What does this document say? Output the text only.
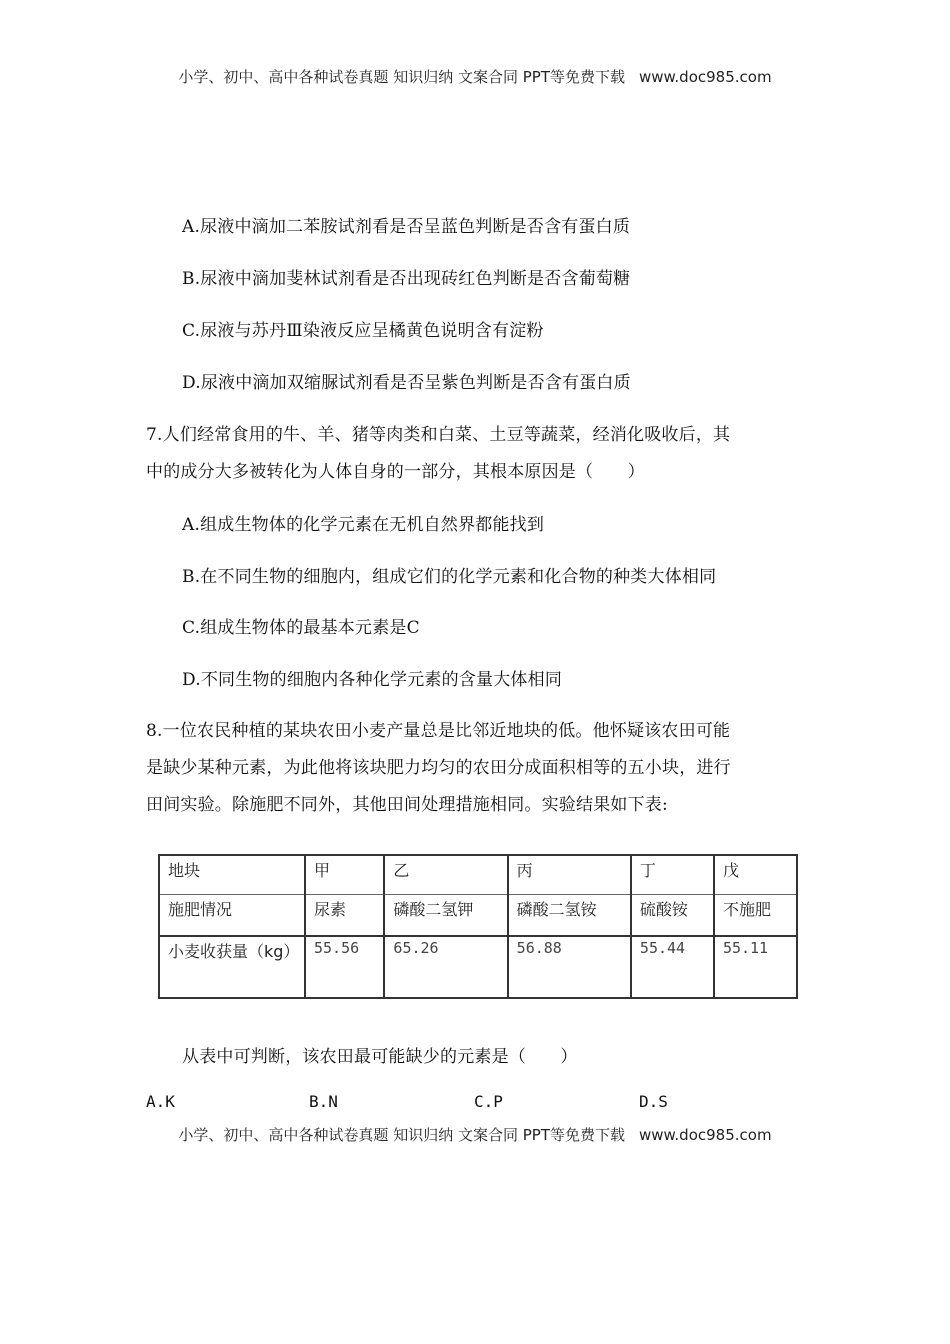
小学、初中、高中各种试卷真题 知识归纳 文案合同 PPT等免费下载 www.doc985.com
A.尿液中滴加二苯胺试剂看是否呈蓝色判断是否含有蛋白质
B.尿液中滴加斐林试剂看是否出现砖红色判断是否含葡萄糖
C.尿液与苏丹Ⅲ染液反应呈橘黄色说明含有淀粉
D.尿液中滴加双缩脲试剂看是否呈紫色判断是否含有蛋白质
7.人们经常食用的牛、羊、猪等肉类和白菜、土豆等蔬菜，经消化吸收后，其
中的成分大多被转化为人体自身的一部分，其根本原因是（　　）
A.组成生物体的化学元素在无机自然界都能找到
B.在不同生物的细胞内，组成它们的化学元素和化合物的种类大体相同
C.组成生物体的最基本元素是C
D.不同生物的细胞内各种化学元素的含量大体相同
8.一位农民种植的某块农田小麦产量总是比邻近地块的低。他怀疑该农田可能
是缺少某种元素，为此他将该块肥力均匀的农田分成面积相等的五小块，进行
田间实验。除施肥不同外，其他田间处理措施相同。实验结果如下表:
地块	甲	乙	丙	丁	戊
施肥情况	尿素	磷酸二氢钾	磷酸二氢铵	硫酸铵	不施肥
小麦收获量（kg）	55.56	65.26	56.88	55.44	55.11
从表中可判断，该农田最可能缺少的元素是（　　）
A.K	B.N	C.P	D.S
小学、初中、高中各种试卷真题 知识归纳 文案合同 PPT等免费下载 www.doc985.com
